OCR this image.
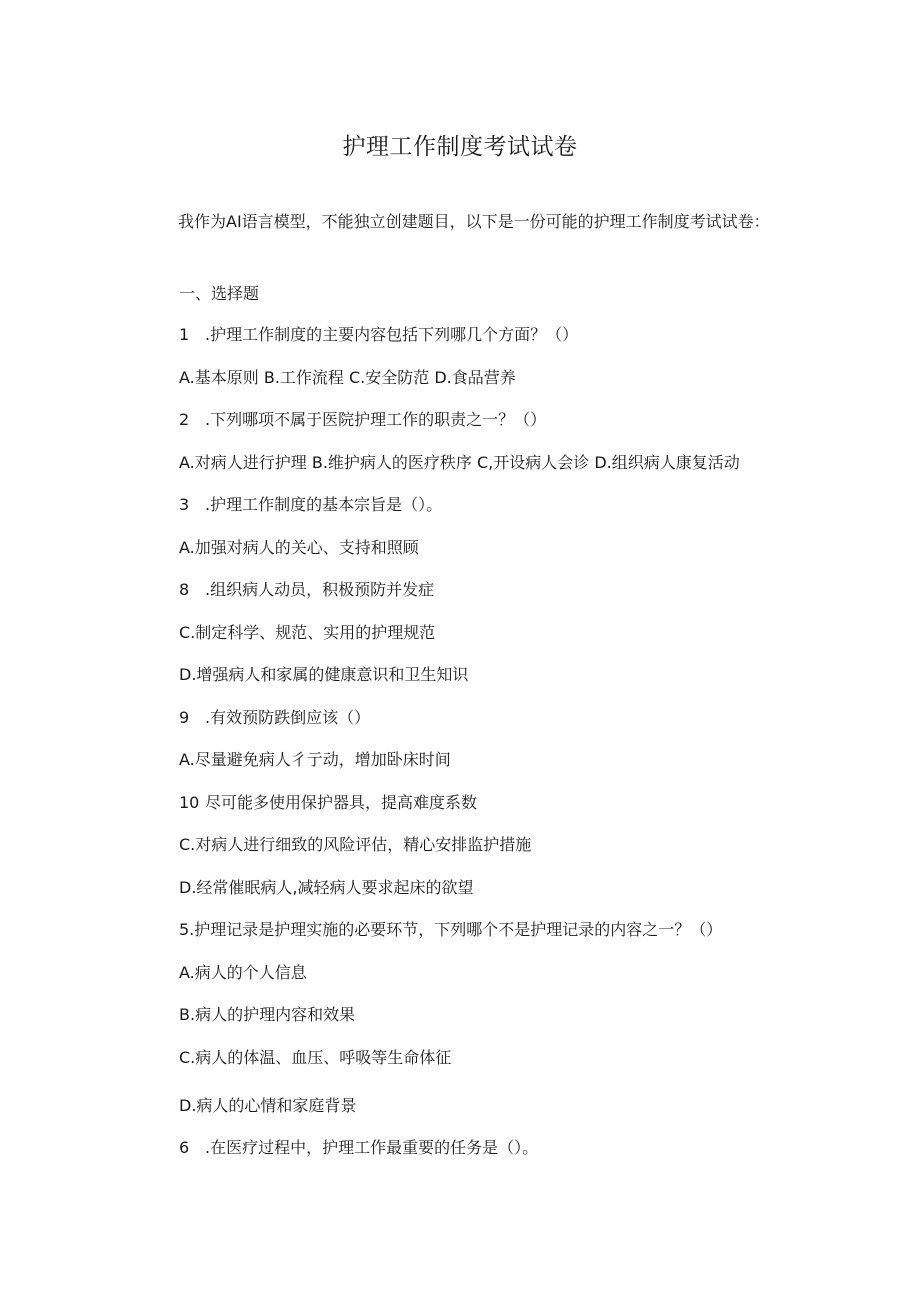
护理工作制度考试试卷
我作为AI语言模型，不能独立创建题目，以下是一份可能的护理工作制度考试试卷：
一、选择题
1 .护理工作制度的主要内容包括下列哪几个方面？（）
A.基本原则 B.工作流程 C.安全防范 D.食品营养
2 .下列哪项不属于医院护理工作的职责之一？（）
A.对病人进行护理 B.维护病人的医疗秩序 C,开设病人会诊 D.组织病人康复活动
3 .护理工作制度的基本宗旨是（）。
A.加强对病人的关心、支持和照顾
8 .组织病人动员，积极预防并发症
C.制定科学、规范、实用的护理规范
D.增强病人和家属的健康意识和卫生知识
9 .有效预防跌倒应该（）
A.尽量避免病人彳亍动，增加卧床时间
10 尽可能多使用保护器具，提高难度系数
C.对病人进行细致的风险评估，精心安排监护措施
D.经常催眠病人,减轻病人要求起床的欲望
5.护理记录是护理实施的必要环节，下列哪个不是护理记录的内容之一？（）
A.病人的个人信息
B.病人的护理内容和效果
C.病人的体温、血压、呼吸等生命体征
D.病人的心情和家庭背景
6 .在医疗过程中，护理工作最重要的任务是（）。
